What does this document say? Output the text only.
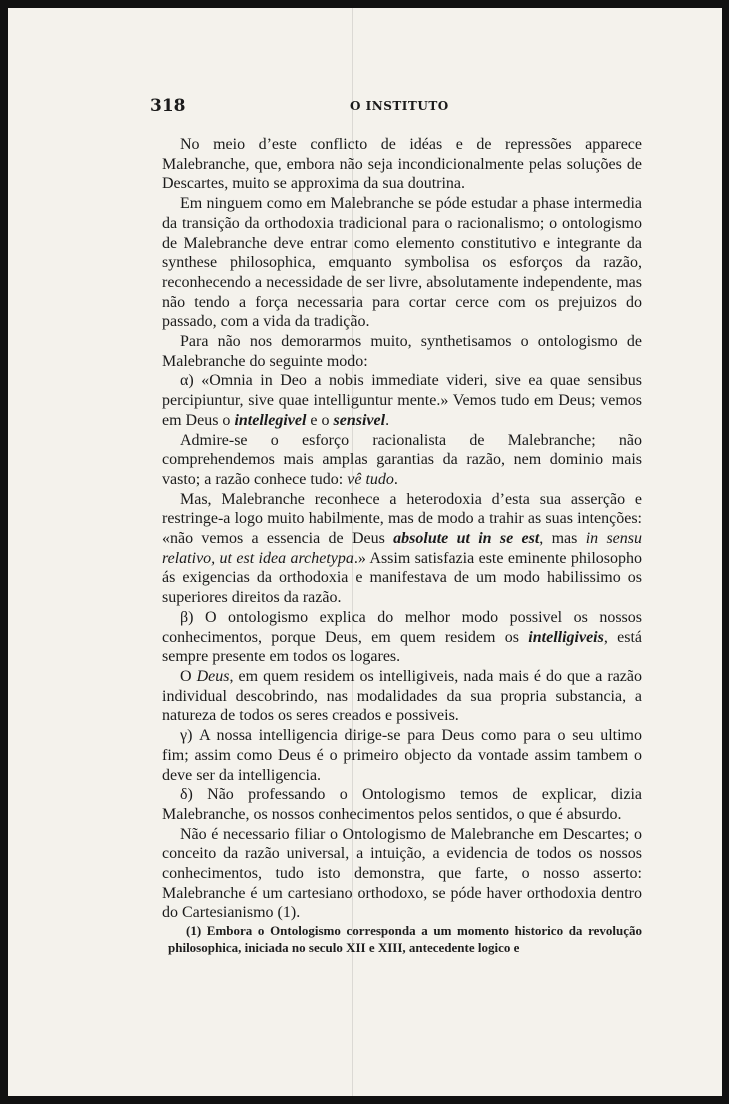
318	O INSTITUTO

No meio d’este conflicto de idéas e de repressões apparece Malebranche, que, embora não seja incondicionalmente pelas soluções de Descartes, muito se approxima da sua doutrina.

Em ninguem como em Malebranche se póde estudar a phase intermedia da transição da orthodoxia tradicional para o racionalismo; o ontologismo de Malebranche deve entrar como elemento constitutivo e integrante da synthese philosophica, emquanto symbolisa os esforços da razão, reconhecendo a necessidade de ser livre, absolutamente independente, mas não tendo a força necessaria para cortar cerce com os prejuizos do passado, com a vida da tradição.

Para não nos demorarmos muito, synthetisamos o ontologismo de Malebranche do seguinte modo:

α) «Omnia in Deo a nobis immediate videri, sive ea quae sensibus percipiuntur, sive quae intelliguntur mente.» Vemos tudo em Deus; vemos em Deus o intellegivel e o sensivel.

Admire-se o esforço racionalista de Malebranche; não comprehendemos mais amplas garantias da razão, nem dominio mais vasto; a razão conhece tudo: vê tudo.

Mas, Malebranche reconhece a heterodoxia d’esta sua asserção e restringe-a logo muito habilmente, mas de modo a trahir as suas intenções: «não vemos a essencia de Deus absolute ut in se est, mas in sensu relativo, ut est idea archetypa.» Assim satisfazia este eminente philosopho ás exigencias da orthodoxia e manifestava de um modo habilissimo os superiores direitos da razão.

β) O ontologismo explica do melhor modo possivel os nossos conhecimentos, porque Deus, em quem residem os intelligiveis, está sempre presente em todos os logares.

O Deus, em quem residem os intelligiveis, nada mais é do que a razão individual descobrindo, nas modalidades da sua propria substancia, a natureza de todos os seres creados e possiveis.

γ) A nossa intelligencia dirige-se para Deus como para o seu ultimo fim; assim como Deus é o primeiro objecto da vontade assim tambem o deve ser da intelligencia.

δ) Não professando o Ontologismo temos de explicar, dizia Malebranche, os nossos conhecimentos pelos sentidos, o que é absurdo.

Não é necessario filiar o Ontologismo de Malebranche em Descartes; o conceito da razão universal, a intuição, a evidencia de todos os nossos conhecimentos, tudo isto demonstra, que farte, o nosso asserto: Malebranche é um cartesiano orthodoxo, se póde haver orthodoxia dentro do Cartesianismo (1).

(1) Embora o Ontologismo corresponda a um momento historico da revolução philosophica, iniciada no seculo XII e XIII, antecedente logico e
